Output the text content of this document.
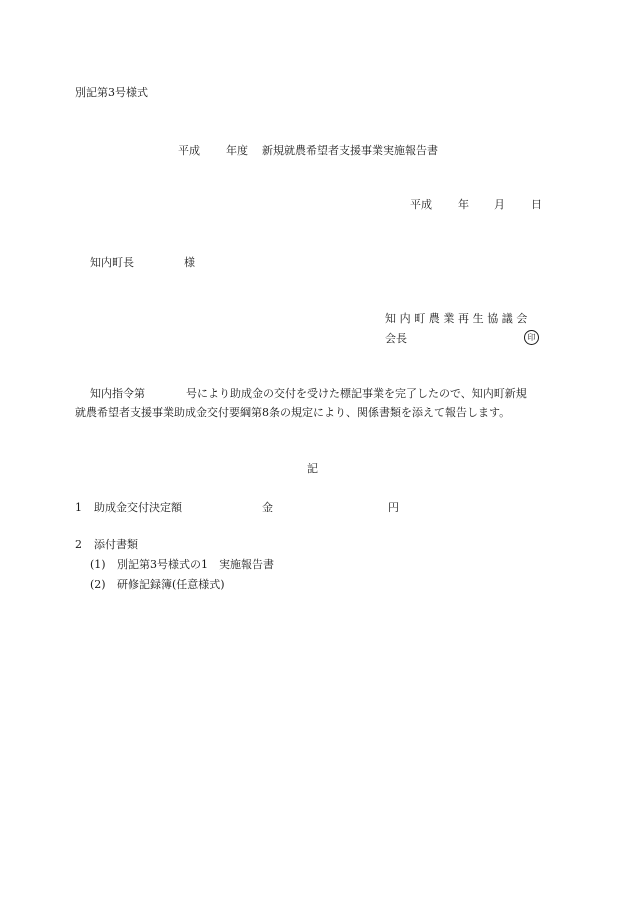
別記第3号様式
平成 年度 新規就農希望者支援事業実施報告書
平成 年 月 日
知内町長	様
知内町農業再生協議会
会長	印
知内指令第	号により助成金の交付を受けた標記事業を完了したので、知内町新規
就農希望者支援事業助成金交付要綱第8条の規定により、関係書類を添えて報告します。
記
1 助成金交付決定額	金	円
2 添付書類
(1) 別記第3号様式の1　実施報告書
(2) 研修記録簿(任意様式)
